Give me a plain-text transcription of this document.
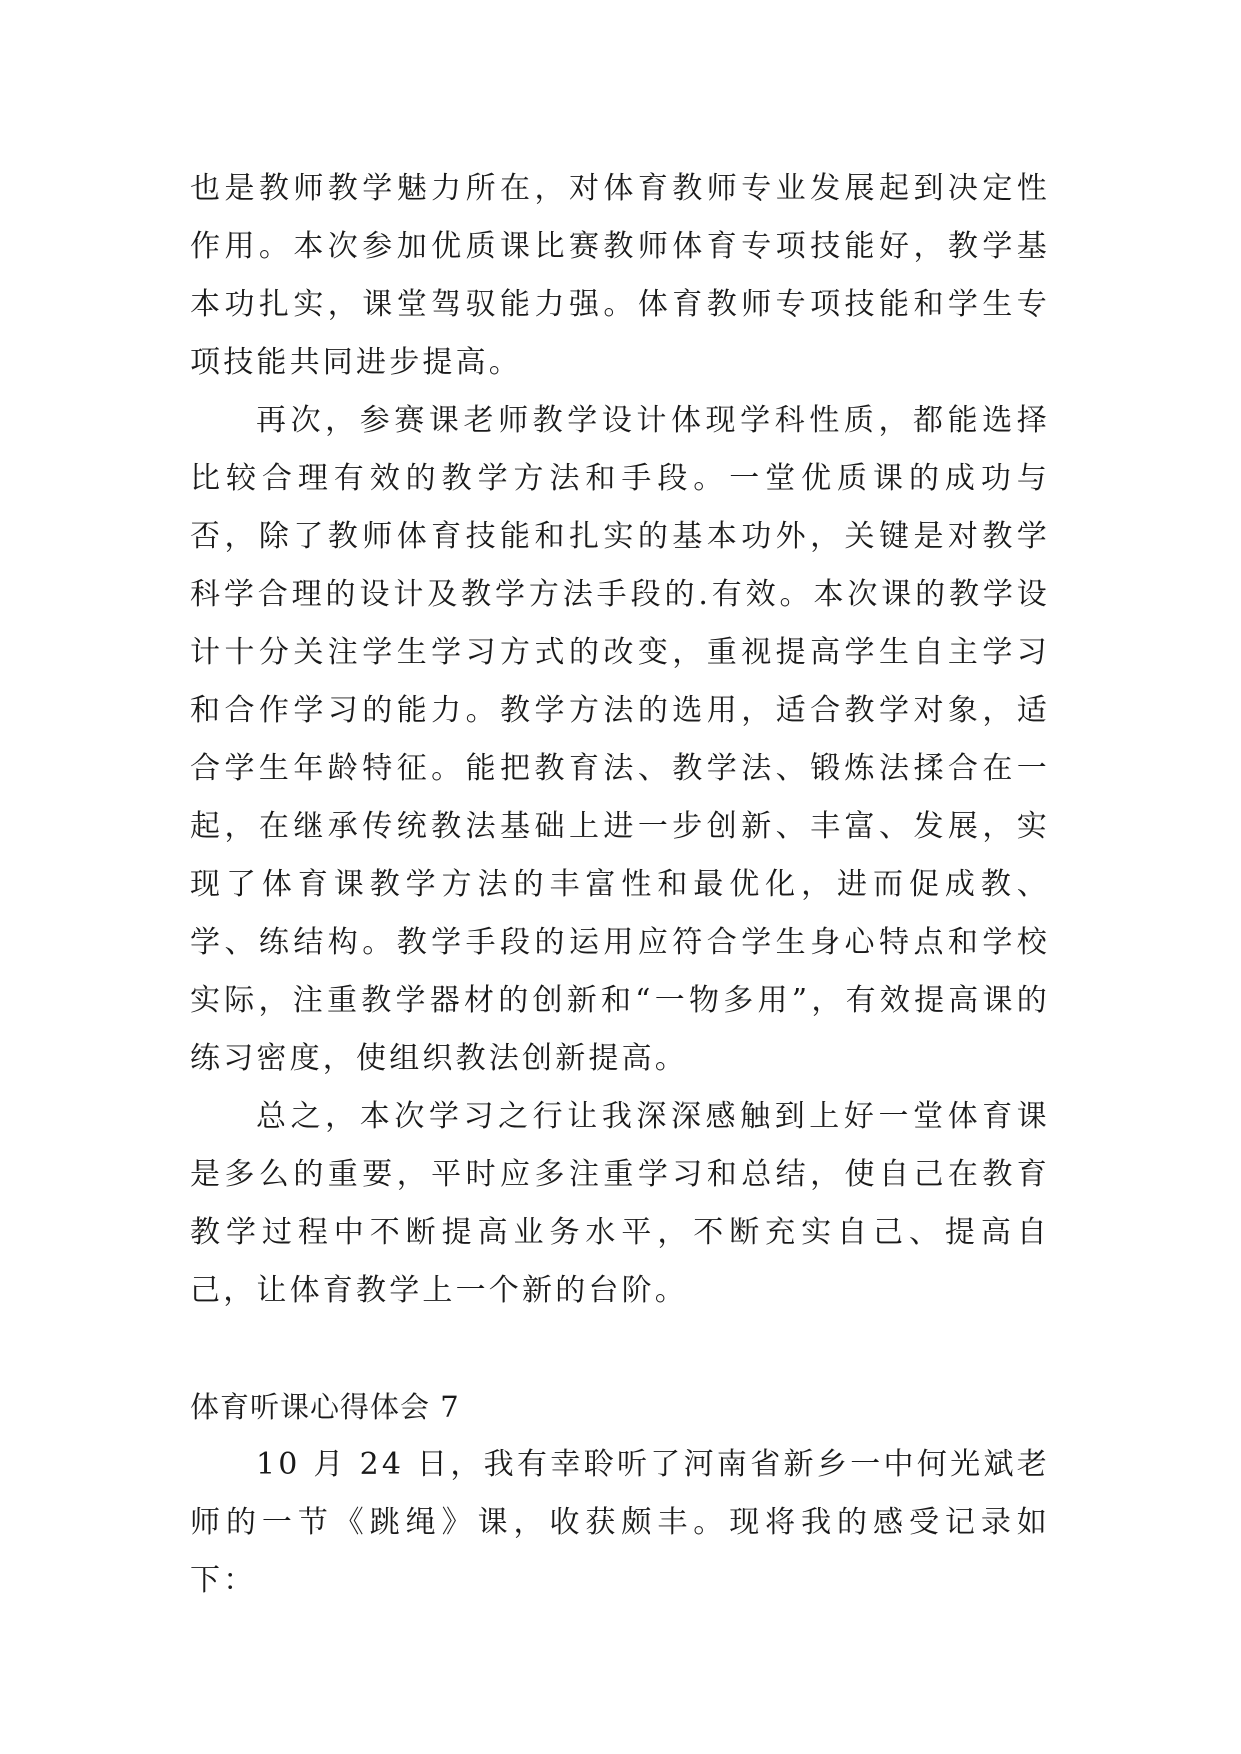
也是教师教学魅力所在，对体育教师专业发展起到决定性作用。本次参加优质课比赛教师体育专项技能好，教学基本功扎实，课堂驾驭能力强。体育教师专项技能和学生专项技能共同进步提高。

再次，参赛课老师教学设计体现学科性质，都能选择比较合理有效的教学方法和手段。一堂优质课的成功与否，除了教师体育技能和扎实的基本功外，关键是对教学科学合理的设计及教学方法手段的.有效。本次课的教学设计十分关注学生学习方式的改变，重视提高学生自主学习和合作学习的能力。教学方法的选用，适合教学对象，适合学生年龄特征。能把教育法、教学法、锻炼法揉合在一起，在继承传统教法基础上进一步创新、丰富、发展，实现了体育课教学方法的丰富性和最优化，进而促成教、学、练结构。教学手段的运用应符合学生身心特点和学校实际，注重教学器材的创新和“一物多用”，有效提高课的练习密度，使组织教法创新提高。

总之，本次学习之行让我深深感触到上好一堂体育课是多么的重要，平时应多注重学习和总结，使自己在教育教学过程中不断提高业务水平，不断充实自己、提高自己，让体育教学上一个新的台阶。

体育听课心得体会 7

10 月 24 日，我有幸聆听了河南省新乡一中何光斌老师的一节《跳绳》课，收获颇丰。现将我的感受记录如下：
